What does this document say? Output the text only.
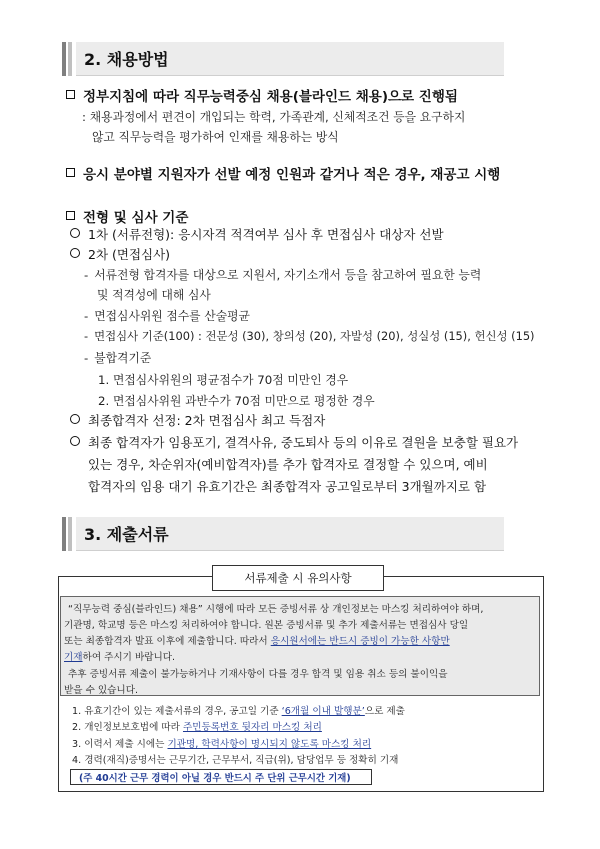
2. 채용방법
정부지침에 따라 직무능력중심 채용(블라인드 채용)으로 진행됨
: 채용과정에서 편견이 개입되는 학력, 가족관계, 신체적조건 등을 요구하지
않고 직무능력을 평가하여 인재를 채용하는 방식
응시 분야별 지원자가 선발 예정 인원과 같거나 적은 경우, 재공고 시행
전형 및 심사 기준
1차 (서류전형): 응시자격 적격여부 심사 후 면접심사 대상자 선발
2차 (면접심사)
- 서류전형 합격자를 대상으로 지원서, 자기소개서 등을 참고하여 필요한 능력
및 적격성에 대해 심사
- 면접심사위원 점수를 산술평균
- 면접심사 기준(100) : 전문성 (30), 창의성 (20), 자발성 (20), 성실성 (15), 헌신성 (15)
- 불합격기준
1. 면접심사위원의 평균점수가 70점 미만인 경우
2. 면접심사위원 과반수가 70점 미만으로 평정한 경우
최종합격자 선정: 2차 면접심사 최고 득점자
최종 합격자가 임용포기, 결격사유, 중도퇴사 등의 이유로 결원을 보충할 필요가
있는 경우, 차순위자(예비합격자)를 추가 합격자로 결정할 수 있으며, 예비
합격자의 임용 대기 유효기간은 최종합격자 공고일로부터 3개월까지로 함
3. 제출서류
서류제출 시 유의사항
“직무능력 중심(블라인드) 채용” 시행에 따라 모든 증빙서류 상 개인정보는 마스킹 처리하여야 하며,
기관명, 학교명 등은 마스킹 처리하여야 합니다. 원본 증빙서류 및 추가 제출서류는 면접심사 당일
또는 최종합격자 발표 이후에 제출합니다. 따라서 응시원서에는 반드시 증빙이 가능한 사항만
기재하여 주시기 바랍니다.
추후 증빙서류 제출이 불가능하거나 기재사항이 다를 경우 합격 및 임용 취소 등의 불이익을
받을 수 있습니다.
1. 유효기간이 있는 제출서류의 경우, 공고일 기준 ‘6개월 이내 발행분’으로 제출
2. 개인정보보호법에 따라 주민등록번호 뒷자리 마스킹 처리
3. 이력서 제출 시에는 기관명, 학력사항이 명시되지 않도록 마스킹 처리
4. 경력(재직)증명서는 근무기간, 근무부서, 직급(위), 담당업무 등 정확히 기재
(주 40시간 근무 경력이 아닐 경우 반드시 주 단위 근무시간 기재)
